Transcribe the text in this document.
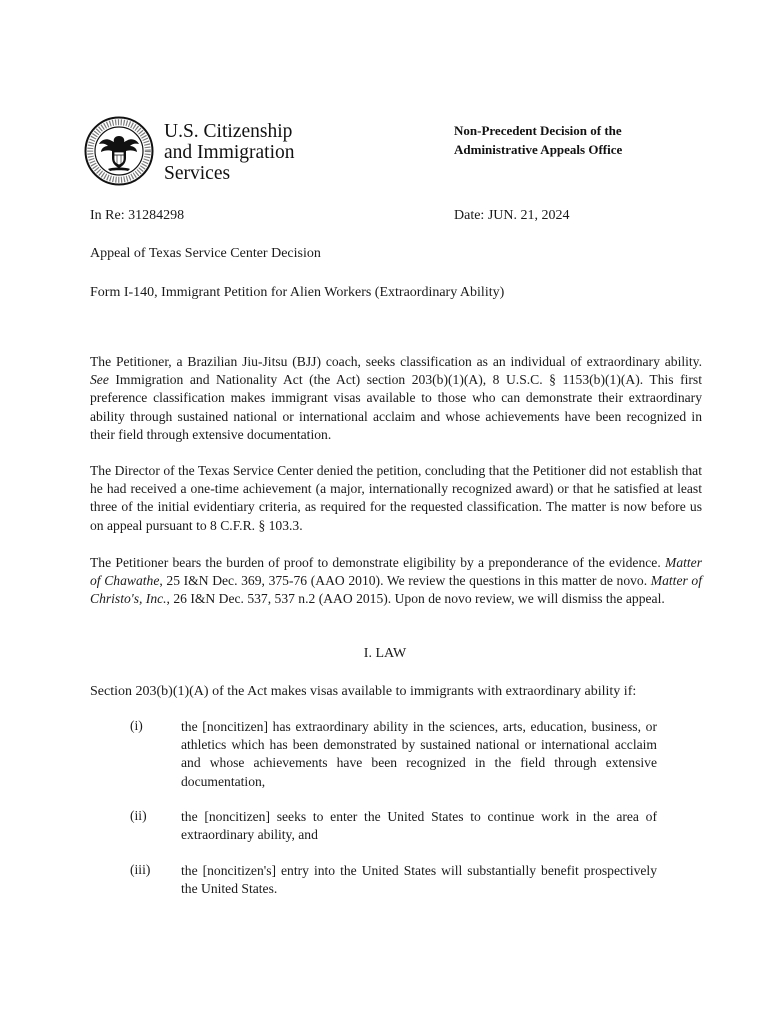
U.S. Citizenship
and Immigration
Services
Non-Precedent Decision of the
Administrative Appeals Office
In Re: 31284298	Date: JUN. 21, 2024
Appeal of Texas Service Center Decision
Form I-140, Immigrant Petition for Alien Workers (Extraordinary Ability)
The Petitioner, a Brazilian Jiu-Jitsu (BJJ) coach, seeks classification as an individual of extraordinary ability. See Immigration and Nationality Act (the Act) section 203(b)(1)(A), 8 U.S.C. § 1153(b)(1)(A). This first preference classification makes immigrant visas available to those who can demonstrate their extraordinary ability through sustained national or international acclaim and whose achievements have been recognized in their field through extensive documentation.
The Director of the Texas Service Center denied the petition, concluding that the Petitioner did not establish that he had received a one-time achievement (a major, internationally recognized award) or that he satisfied at least three of the initial evidentiary criteria, as required for the requested classification. The matter is now before us on appeal pursuant to 8 C.F.R. § 103.3.
The Petitioner bears the burden of proof to demonstrate eligibility by a preponderance of the evidence. Matter of Chawathe, 25 I&N Dec. 369, 375-76 (AAO 2010). We review the questions in this matter de novo. Matter of Christo's, Inc., 26 I&N Dec. 537, 537 n.2 (AAO 2015). Upon de novo review, we will dismiss the appeal.
I. LAW
Section 203(b)(1)(A) of the Act makes visas available to immigrants with extraordinary ability if:
(i)	the [noncitizen] has extraordinary ability in the sciences, arts, education, business, or athletics which has been demonstrated by sustained national or international acclaim and whose achievements have been recognized in the field through extensive documentation,
(ii)	the [noncitizen] seeks to enter the United States to continue work in the area of extraordinary ability, and
(iii) the [noncitizen's] entry into the United States will substantially benefit prospectively the United States.
